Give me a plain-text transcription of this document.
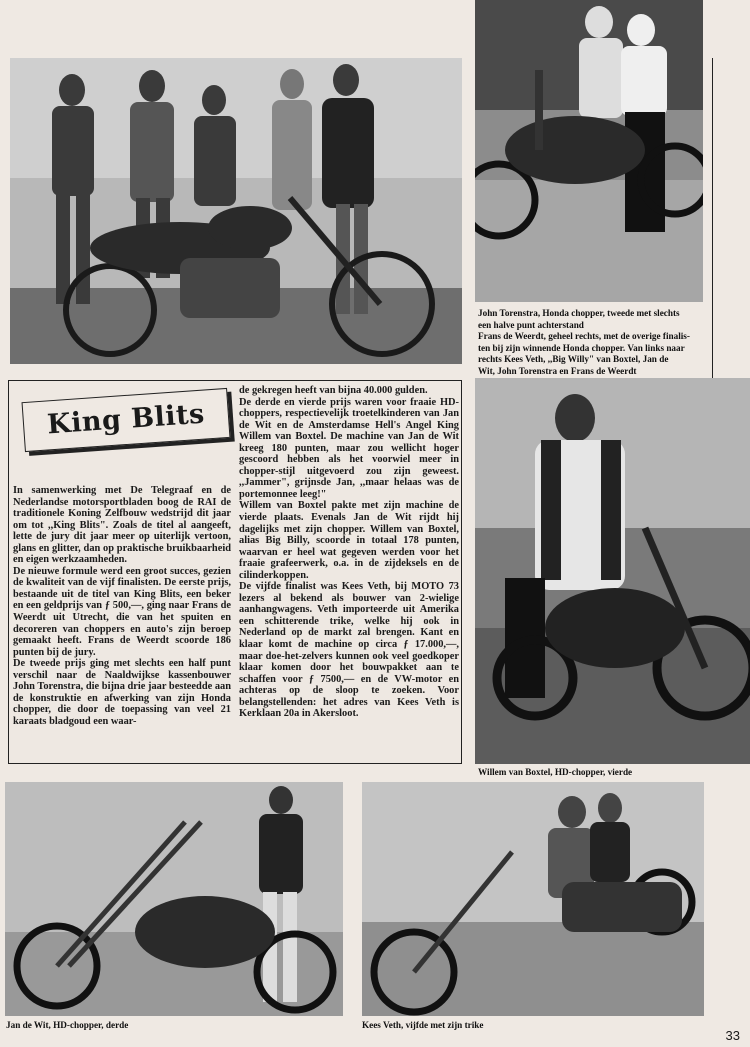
John Torenstra, Honda chopper, tweede met slechts

een halve punt achterstand

Frans de Weerdt, geheel rechts, met de overige finalis-

ten bij zijn winnende Honda chopper. Van links naar

rechts Kees Veth, ,,Big Willy" van Boxtel, Jan de

Wit, John Torenstra en Frans de Weerdt

King Blits

In samenwerking met De Telegraaf en de Nederlandse motorsportbladen boog de RAI de traditionele Koning Zelfbouw wedstrijd dit jaar om tot ,,King Blits". Zoals de titel al aangeeft, lette de jury dit jaar meer op uiterlijk vertoon, glans en glitter, dan op praktische bruikbaarheid en eigen werkzaamheden.

De nieuwe formule werd een groot succes, gezien de kwaliteit van de vijf finalisten. De eerste prijs, bestaande uit de titel van King Blits, een beker en een geldprijs van ƒ 500,—, ging naar Frans de Weerdt uit Utrecht, die van het spuiten en decoreren van choppers en auto's zijn beroep gemaakt heeft. Frans de Weerdt scoorde 186 punten bij de jury.

De tweede prijs ging met slechts een half punt verschil naar de Naaldwijkse kassenbouwer John Torenstra, die bijna drie jaar besteedde aan de konstruktie en afwerking van zijn Honda chopper, die door de toepassing van veel 21 karaats bladgoud een waar-

de gekregen heeft van bijna 40.000 gulden.

De derde en vierde prijs waren voor fraaie HD-choppers, respectievelijk troetelkinderen van Jan de Wit en de Amsterdamse Hell's Angel King Willem van Boxtel. De machine van Jan de Wit kreeg 180 punten, maar zou wellicht hoger gescoord hebben als het voorwiel meer in chopper-stijl uitgevoerd zou zijn geweest. ,,Jammer", grijnsde Jan, ,,maar helaas was de portemonnee leeg!"

Willem van Boxtel pakte met zijn machine de vierde plaats. Evenals Jan de Wit rijdt hij dagelijks met zijn chopper. Willem van Boxtel, alias Big Billy, scoorde in totaal 178 punten, waarvan er heel wat gegeven werden voor het fraaie grafeerwerk, o.a. in de zijdeksels en de cilinderkoppen.

De vijfde finalist was Kees Veth, bij MOTO 73 lezers al bekend als bouwer van 2-wielige aanhangwagens. Veth importeerde uit Amerika een schitterende trike, welke hij ook in Nederland op de markt zal brengen. Kant en klaar komt de machine op circa ƒ 17.000,—, maar doe-het-zelvers kunnen ook veel goedkoper klaar komen door het bouwpakket aan te schaffen voor ƒ 7500,— en de VW-motor en achteras op de sloop te zoeken. Voor belangstellenden: het adres van Kees Veth is Kerklaan 20a in Akersloot.

Willem van Boxtel, HD-chopper, vierde
Jan de Wit, HD-chopper, derde	Kees Veth, vijfde met zijn trike
33
